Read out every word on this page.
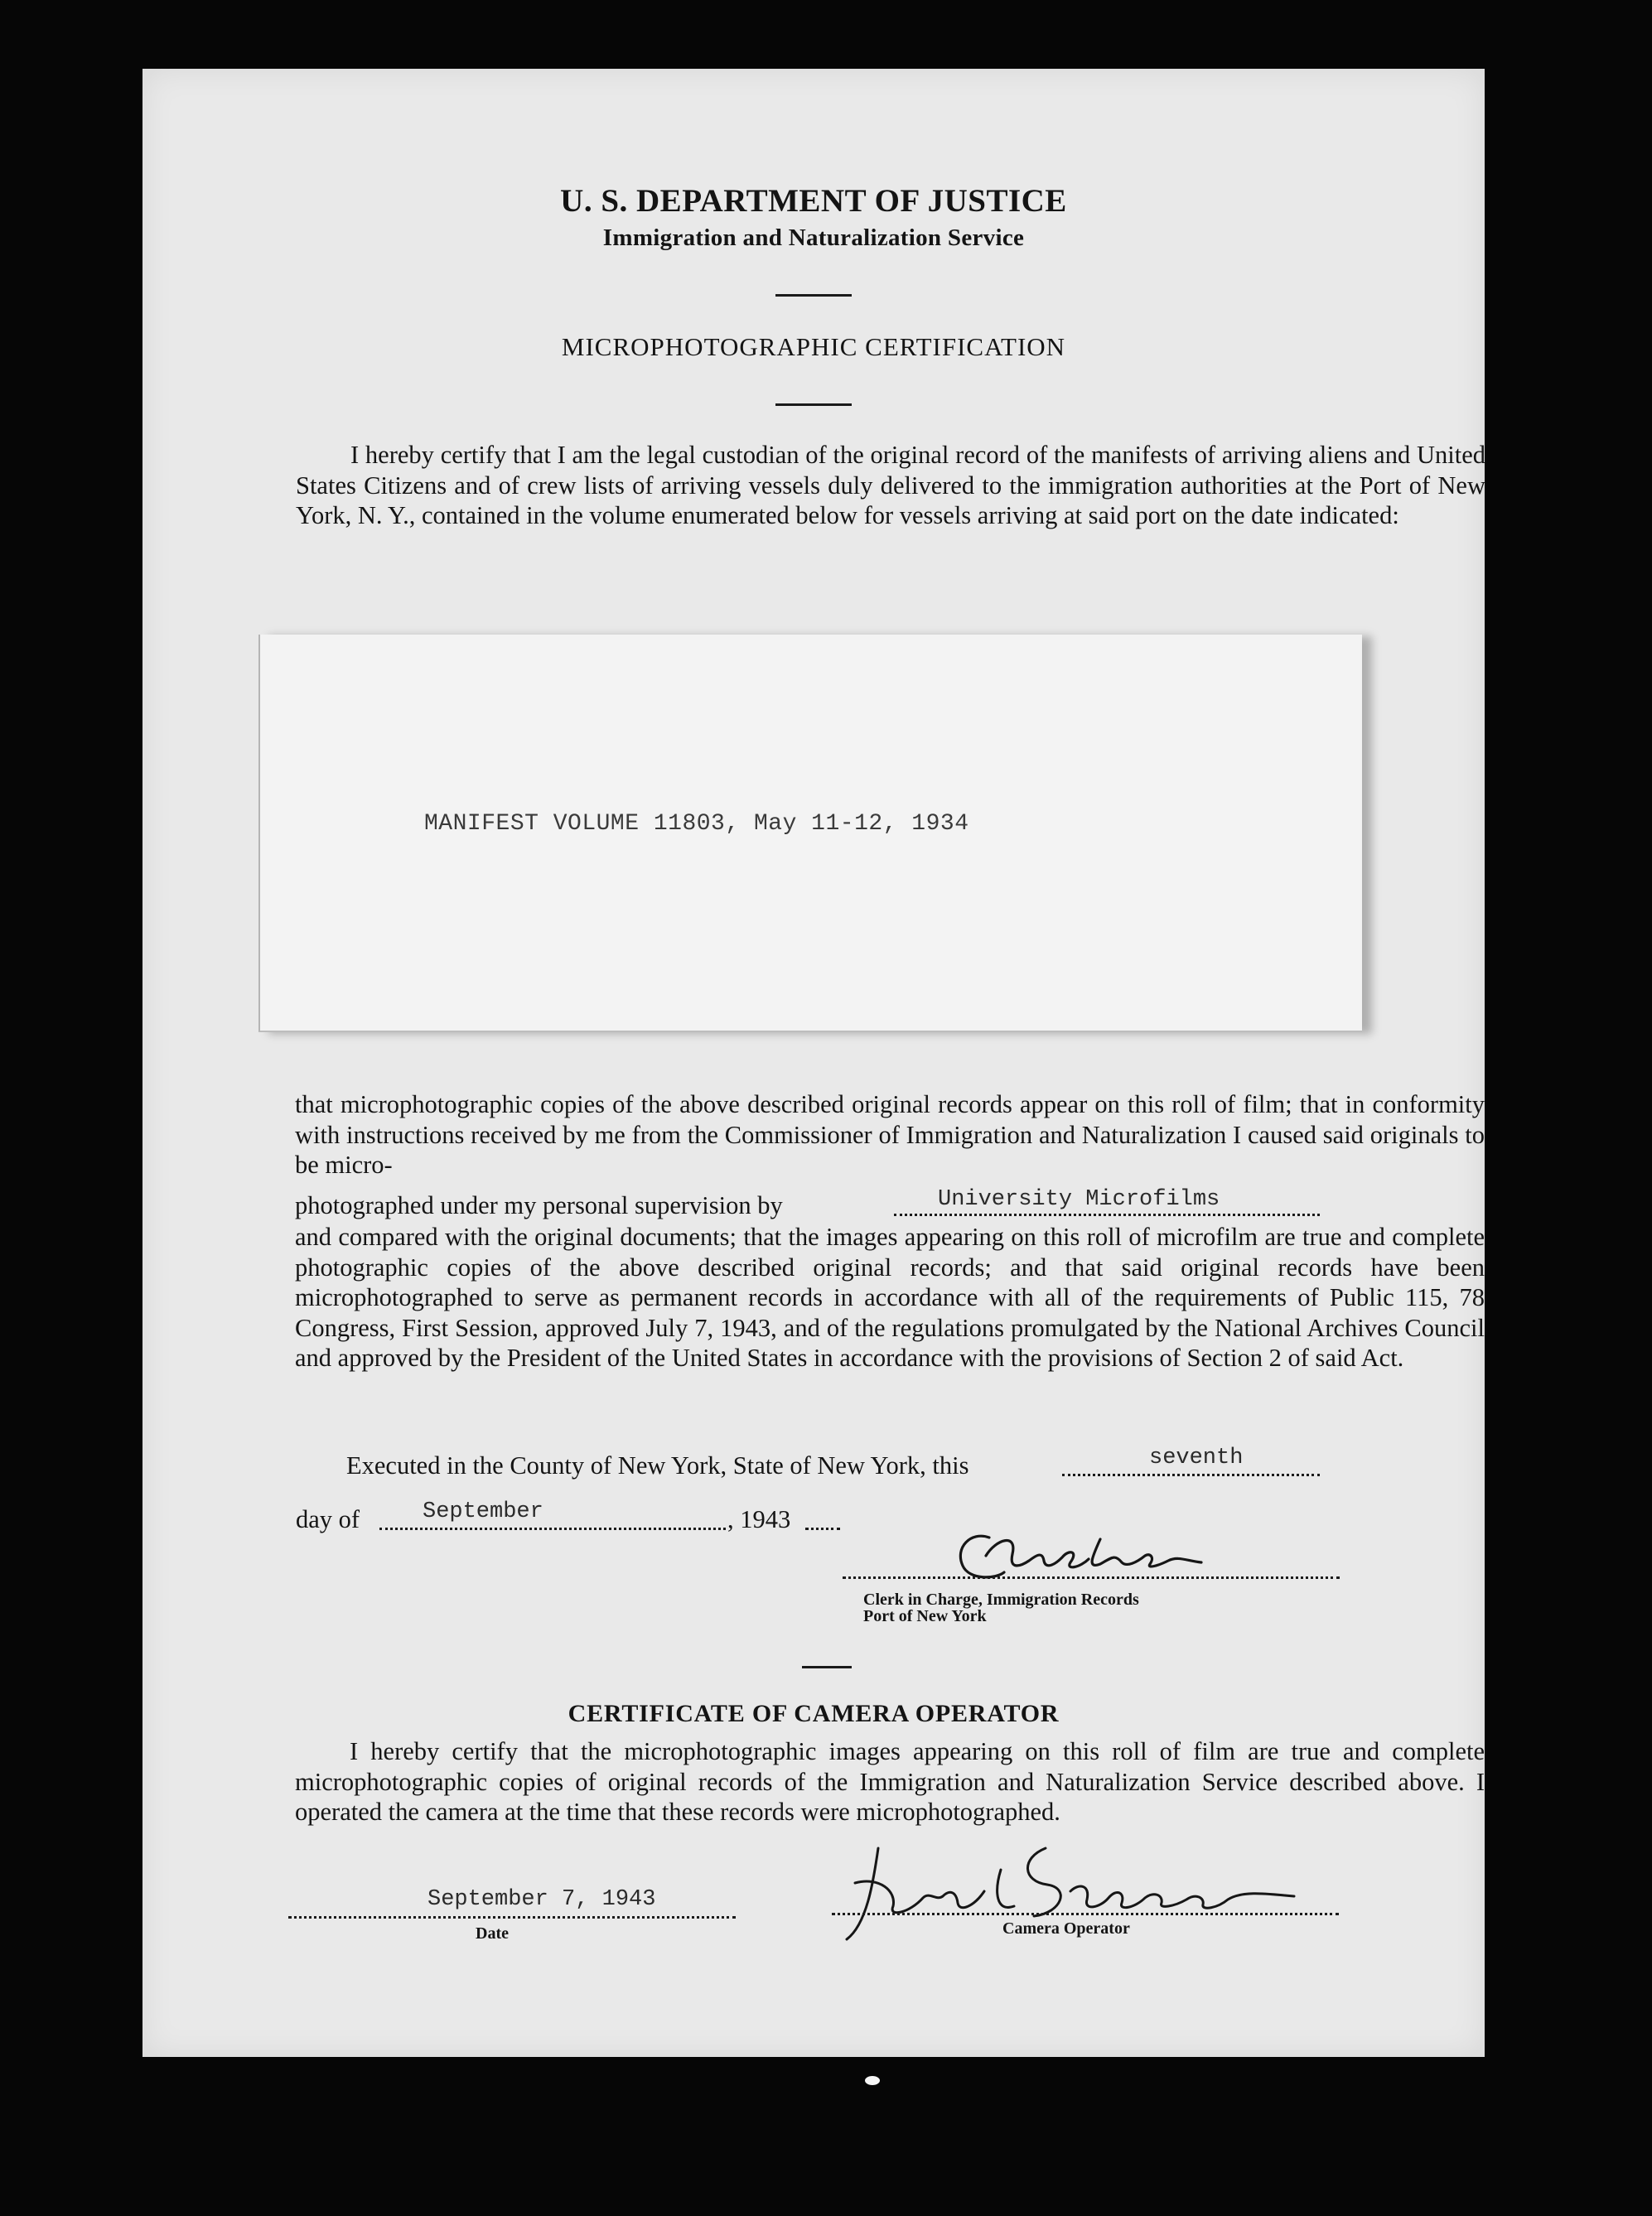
U. S. DEPARTMENT OF JUSTICE
Immigration and Naturalization Service
MICROPHOTOGRAPHIC CERTIFICATION
I hereby certify that I am the legal custodian of the original record of the manifests of arriving aliens and United States Citizens and of crew lists of arriving vessels duly delivered to the immigration authorities at the Port of New York, N. Y., contained in the volume enumerated below for vessels arriving at said port on the date indicated:
MANIFEST VOLUME 11803, May 11-12, 1934
that microphotographic copies of the above described original records appear on this roll of film; that in conformity with instructions received by me from the Commissioner of Immigration and Naturalization I caused said originals to be micro-
photographed under my personal supervision by	University Microfilms
and compared with the original documents; that the images appearing on this roll of microfilm are true and complete photographic copies of the above described original records; and that said original records have been microphotographed to serve as permanent records in accordance with all of the requirements of Public 115, 78 Congress, First Session, approved July 7, 1943, and of the regulations promulgated by the National Archives Council and approved by the President of the United States in accordance with the provisions of Section 2 of said Act.
Executed in the County of New York, State of New York, this	seventh
day of	September	, 1943
Clerk in Charge, Immigration Records
Port of New York
CERTIFICATE OF CAMERA OPERATOR
I hereby certify that the microphotographic images appearing on this roll of film are true and complete microphotographic copies of original records of the Immigration and Naturalization Service described above. I operated the camera at the time that these records were microphotographed.
September 7, 1943
Date	Camera Operator
